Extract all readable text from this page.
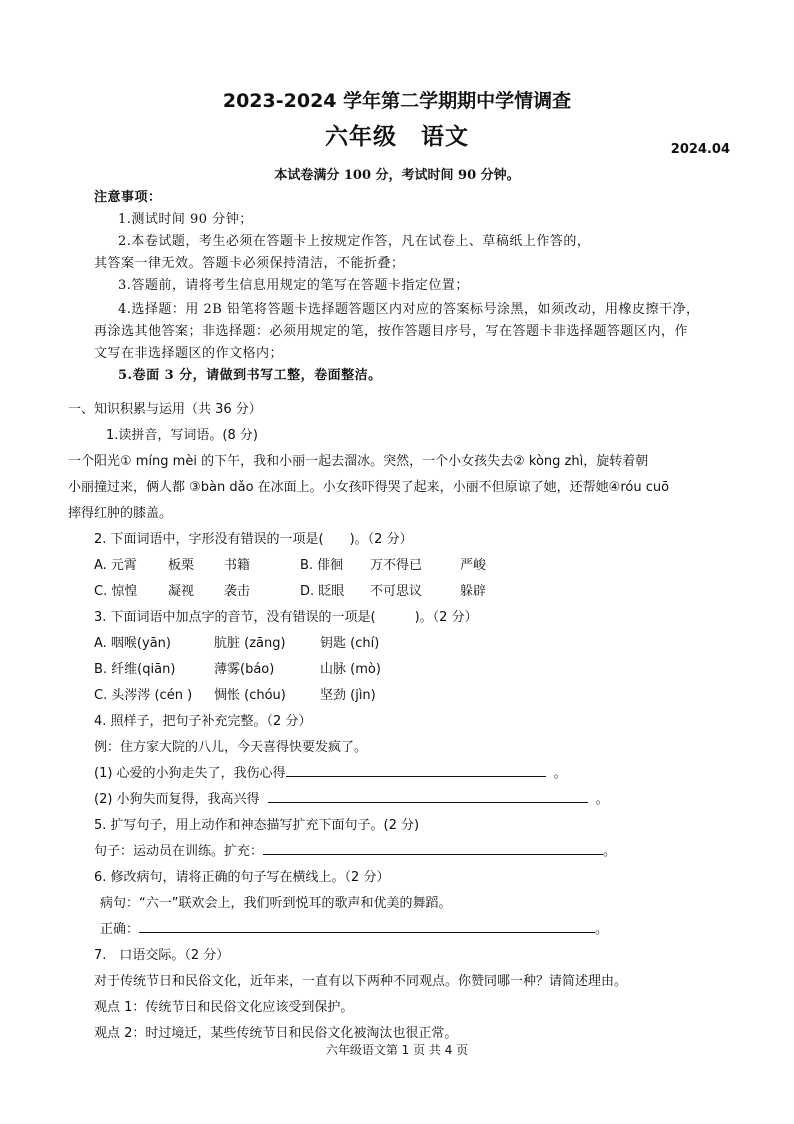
2023-2024 学年第二学期期中学情调查
六年级　语文	2024.04
本试卷满分 100 分，考试时间 90 分钟。
注意事项：
1.测试时间 90 分钟；
2.本卷试题，考生必须在答题卡上按规定作答，凡在试卷上、草稿纸上作答的，
其答案一律无效。答题卡必须保持清洁，不能折叠；
3.答题前，请将考生信息用规定的笔写在答题卡指定位置；
4.选择题：用 2B 铅笔将答题卡选择题答题区内对应的答案标号涂黑，如须改动，用橡皮擦干净，
再涂选其他答案；非选择题：必须用规定的笔，按作答题目序号，写在答题卡非选择题答题区内，作
文写在非选择题区的作文格内；
5.卷面 3 分，请做到书写工整，卷面整洁。
一、知识积累与运用（共 36 分）
1.读拼音，写词语。(8 分)
一个阳光① míng mèi 的下午，我和小丽一起去溜冰。突然，一个小女孩失去② kòng zhì，旋转着朝
小丽撞过来，俩人都 ③bàn dǎo 在冰面上。小女孩吓得哭了起来，小丽不但原谅了她，还帮她④róu cuō
摔得红肿的膝盖。
2. 下面词语中，字形没有错误的一项是(　　)。（2 分）
A. 元霄 板栗 书籍	B. 俳徊 万不得已	严峻
C. 惊惶 凝视 袭击	D. 眨眼 不可思议	躲辟
3. 下面词语中加点字的音节，没有错误的一项是(　　　)。（2 分）
A. 咽喉(yān)	肮脏 (zāng)	钥匙 (chí)
B. 纤维(qiān)	薄雾(báo)	山脉 (mò)
C. 头涔涔 (cén ) 惆怅 (chóu)	坚劲 (jìn)
4. 照样子，把句子补充完整。（2 分）
例：住方家大院的八儿，今天喜得快要发疯了。
(1) 心爱的小狗走失了，我伤心得	。
(2) 小狗失而复得，我高兴得	。
5. 扩写句子，用上动作和神态描写扩充下面句子。(2 分)
句子：运动员在训练。扩充：	。
6. 修改病句，请将正确的句子写在横线上。（2 分）
病句：“六一”联欢会上，我们听到悦耳的歌声和优美的舞蹈。
正确：	。
7.　口语交际。（2 分）
对于传统节日和民俗文化，近年来，一直有以下两种不同观点。你赞同哪一种？请简述理由。
观点 1：传统节日和民俗文化应该受到保护。
观点 2：时过境迁，某些传统节日和民俗文化被淘汰也很正常。
六年级语文第 1 页 共 4 页
